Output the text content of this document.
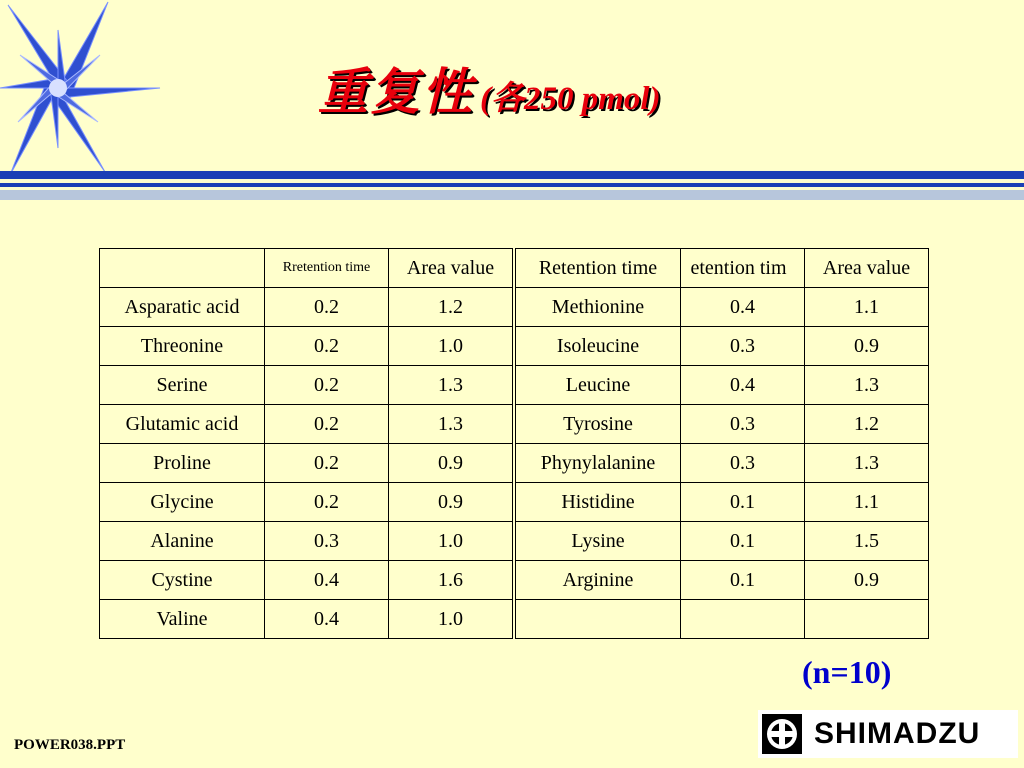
重复性 (各250 pmol)
	Rretention time	Area value	Retention time	etention tim	Area value
Asparatic acid	0.2	1.2	Methionine	0.4	1.1
Threonine	0.2	1.0	Isoleucine	0.3	0.9
Serine	0.2	1.3	Leucine	0.4	1.3
Glutamic acid	0.2	1.3	Tyrosine	0.3	1.2
Proline	0.2	0.9	Phynylalanine	0.3	1.3
Glycine	0.2	0.9	Histidine	0.1	1.1
Alanine	0.3	1.0	Lysine	0.1	1.5
Cystine	0.4	1.6	Arginine	0.1	0.9
Valine	0.4	1.0			
(n=10)
POWER038.PPT	SHIMADZU
